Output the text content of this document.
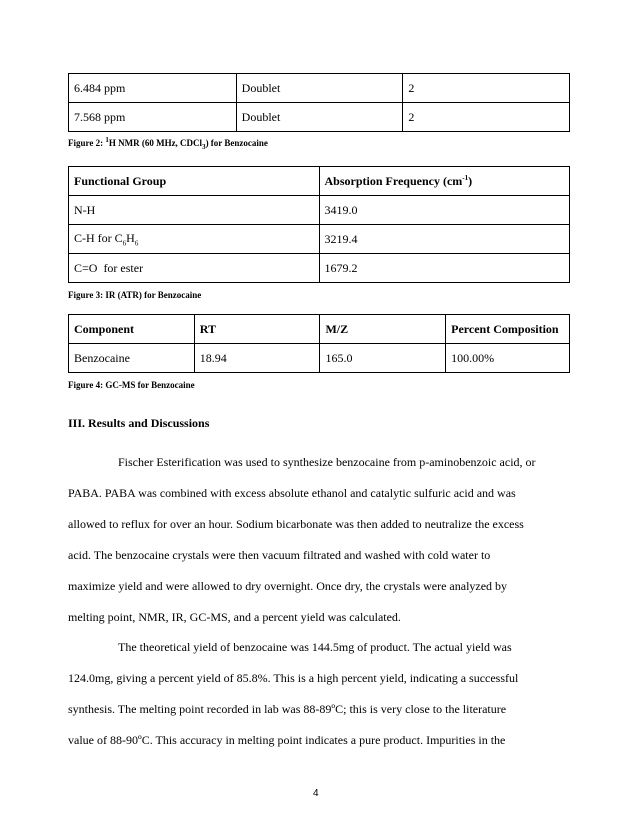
6.484 ppm	Doublet	2
7.568 ppm	Doublet	2
Figure 2: $^1$H NMR (60 MHz, CDCl$_3$) for Benzocaine
Functional Group	Absorption Frequency $(cm^{-1})$
N-H	3419.0
C-H for $C_6H_6$	3219.4
C=O  for ester	1679.2
Figure 3: IR (ATR) for Benzocaine
Component	RT	M/Z	Percent Composition
Benzocaine	18.94	165.0	100.00%
Figure 4: GC-MS for Benzocaine
III. Results and Discussions

Fischer Esterification was used to synthesize benzocaine from p-aminobenzoic acid, or
PABA. PABA was combined with excess absolute ethanol and catalytic sulfuric acid and was
allowed to reflux for over an hour. Sodium bicarbonate was then added to neutralize the excess
acid. The benzocaine crystals were then vacuum filtrated and washed with cold water to
maximize yield and were allowed to dry overnight. Once dry, the crystals were analyzed by
melting point, NMR, IR, GC-MS, and a percent yield was calculated.

The theoretical yield of benzocaine was 144.5mg of product. The actual yield was
124.0mg, giving a percent yield of 85.8%. This is a high percent yield, indicating a successful
synthesis. The melting point recorded in lab was 88-89ºC; this is very close to the literature
value of 88-90ºC. This accuracy in melting point indicates a pure product. Impurities in the

4
